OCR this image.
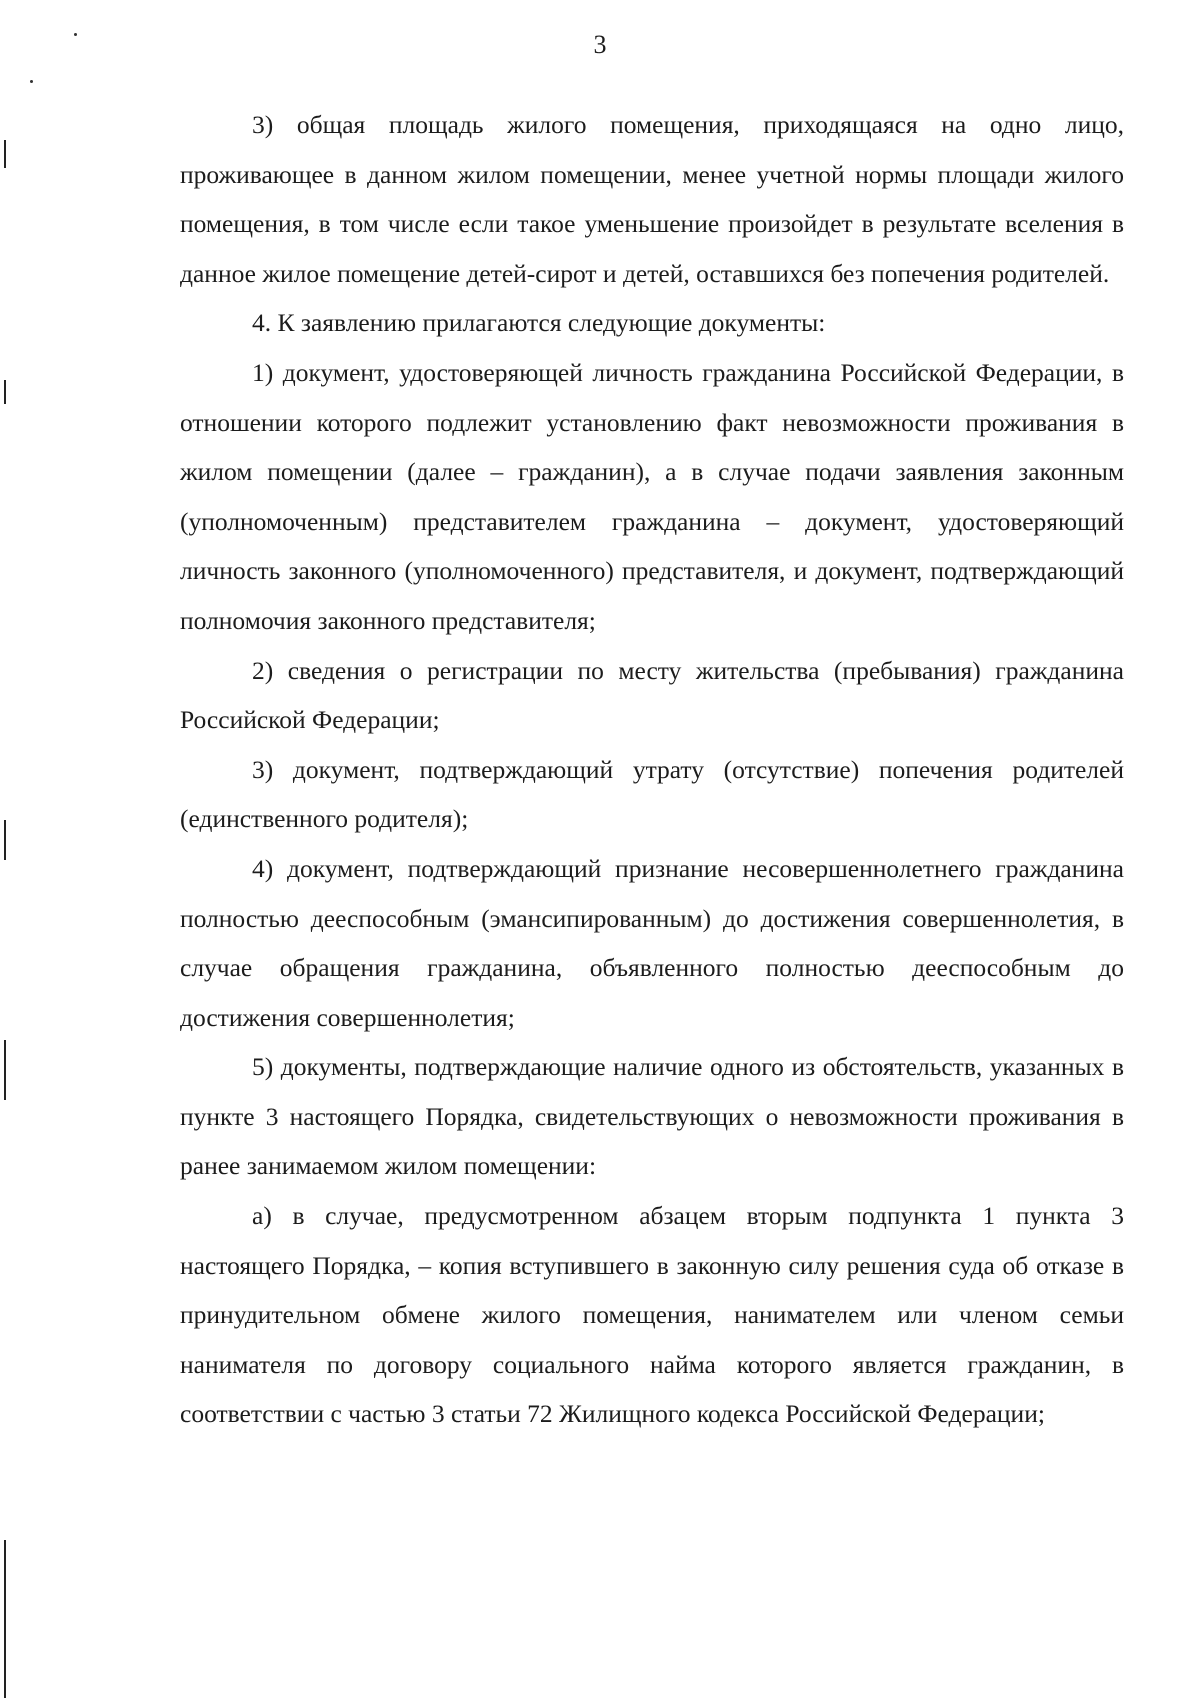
3

3) общая площадь жилого помещения, приходящаяся на одно лицо, проживающее в данном жилом помещении, менее учетной нормы площади жилого помещения, в том числе если такое уменьшение произойдет в результате вселения в данное жилое помещение детей-сирот и детей, оставшихся без попечения родителей.

4. К заявлению прилагаются следующие документы:

1) документ, удостоверяющей личность гражданина Российской Федерации, в отношении которого подлежит установлению факт невозможности проживания в жилом помещении (далее – гражданин), а в случае подачи заявления законным (уполномоченным) представителем гражданина – документ, удостоверяющий личность законного (уполномоченного) представителя, и документ, подтверждающий полномочия законного представителя;

2) сведения о регистрации по месту жительства (пребывания) гражданина Российской Федерации;

3) документ, подтверждающий утрату (отсутствие) попечения родителей (единственного родителя);

4) документ, подтверждающий признание несовершеннолетнего гражданина полностью дееспособным (эмансипированным) до достижения совершеннолетия, в случае обращения гражданина, объявленного полностью дееспособным до достижения совершеннолетия;

5) документы, подтверждающие наличие одного из обстоятельств, указанных в пункте 3 настоящего Порядка, свидетельствующих о невозможности проживания в ранее занимаемом жилом помещении:

а) в случае, предусмотренном абзацем вторым подпункта 1 пункта 3 настоящего Порядка, – копия вступившего в законную силу решения суда об отказе в принудительном обмене жилого помещения, нанимателем или членом семьи нанимателя по договору социального найма которого является гражданин, в соответствии с частью 3 статьи 72 Жилищного кодекса Российской Федерации;
